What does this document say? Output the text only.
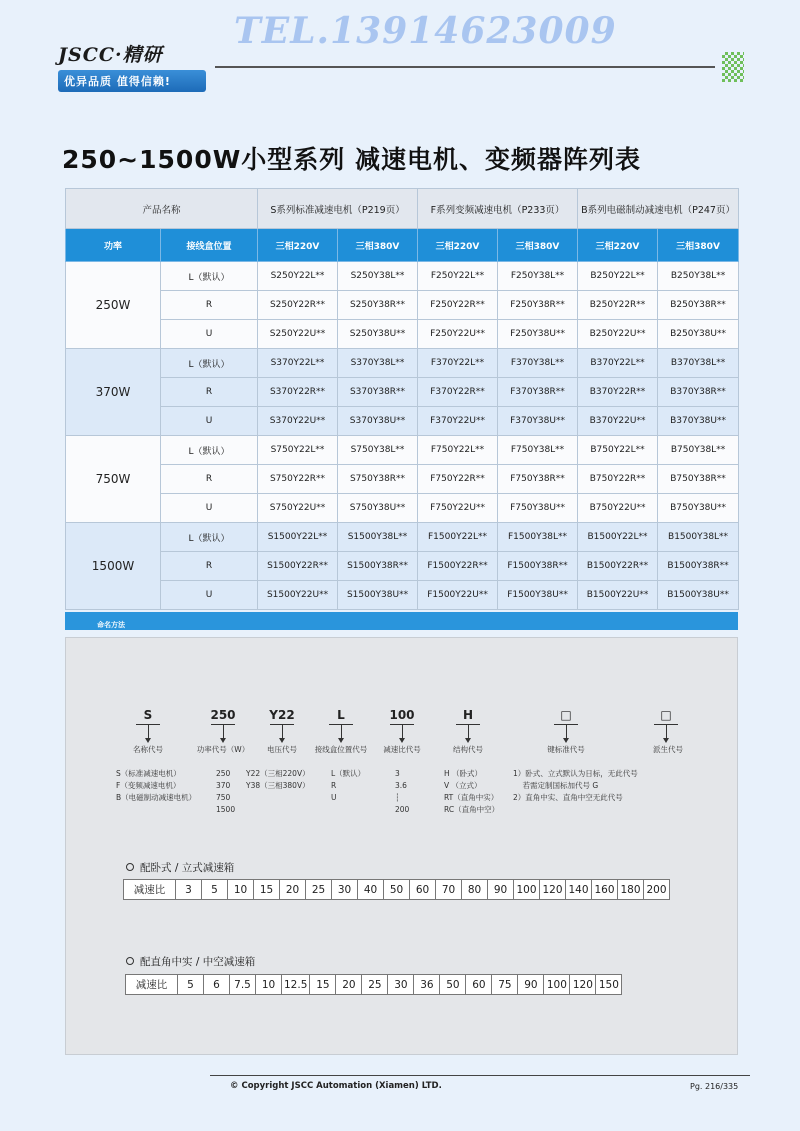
JSCC·精研
优异品质 值得信赖!
TEL.13914623009
250~1500W小型系列 减速电机、变频器阵列表
产品名称		S系列标准减速电机（P219页）		F系列变频减速电机（P233页）		B系列电磁制动减速电机（P247页）	
功率	接线盒位置	三相220V	三相380V	三相220V	三相380V	三相220V	三相380V
250W	L（默认）	S250Y22L**	S250Y38L**	F250Y22L**	F250Y38L**	B250Y22L**	B250Y38L**
	R	S250Y22R**	S250Y38R**	F250Y22R**	F250Y38R**	B250Y22R**	B250Y38R**
	U	S250Y22U**	S250Y38U**	F250Y22U**	F250Y38U**	B250Y22U**	B250Y38U**
370W	L（默认）	S370Y22L**	S370Y38L**	F370Y22L**	F370Y38L**	B370Y22L**	B370Y38L**
	R	S370Y22R**	S370Y38R**	F370Y22R**	F370Y38R**	B370Y22R**	B370Y38R**
	U	S370Y22U**	S370Y38U**	F370Y22U**	F370Y38U**	B370Y22U**	B370Y38U**
750W	L（默认）	S750Y22L**	S750Y38L**	F750Y22L**	F750Y38L**	B750Y22L**	B750Y38L**
	R	S750Y22R**	S750Y38R**	F750Y22R**	F750Y38R**	B750Y22R**	B750Y38R**
	U	S750Y22U**	S750Y38U**	F750Y22U**	F750Y38U**	B750Y22U**	B750Y38U**
1500W	L（默认）	S1500Y22L**	S1500Y38L**	F1500Y22L**	F1500Y38L**	B1500Y22L**	B1500Y38L**
	R	S1500Y22R**	S1500Y38R**	F1500Y22R**	F1500Y38R**	B1500Y22R**	B1500Y38R**
	U	S1500Y22U**	S1500Y38U**	F1500Y22U**	F1500Y38U**	B1500Y22U**	B1500Y38U**
命名方法
S
名称代号
250
功率代号（W）
Y22
电压代号
L
接线盒位置代号
100
减速比代号
H
结构代号
□
键标准代号
□
派生代号
S（标准减速电机）
F（变频减速电机）
B（电磁制动减速电机）
250
370
750
1500
Y22（三相220V）
Y38（三相380V）
L（默认）
R
U
3
3.6
┆
200
H （卧式）
V （立式）
RT（直角中实）
RC（直角中空）
1）卧式、立式默认为日标，无此代号
若需定制国标加代号 G
2）直角中实、直角中空无此代号
配卧式 / 立式减速箱
减速比	3	5	10	15	20	25	30	40	50	60	70	80	90	100	120	140	160	180	200
配直角中实 / 中空减速箱
减速比	5	6	7.5	10	12.5	15	20	25	30	36	50	60	75	90	100	120	150
© Copyright JSCC Automation (Xiamen) LTD.	Pg. 216/335
